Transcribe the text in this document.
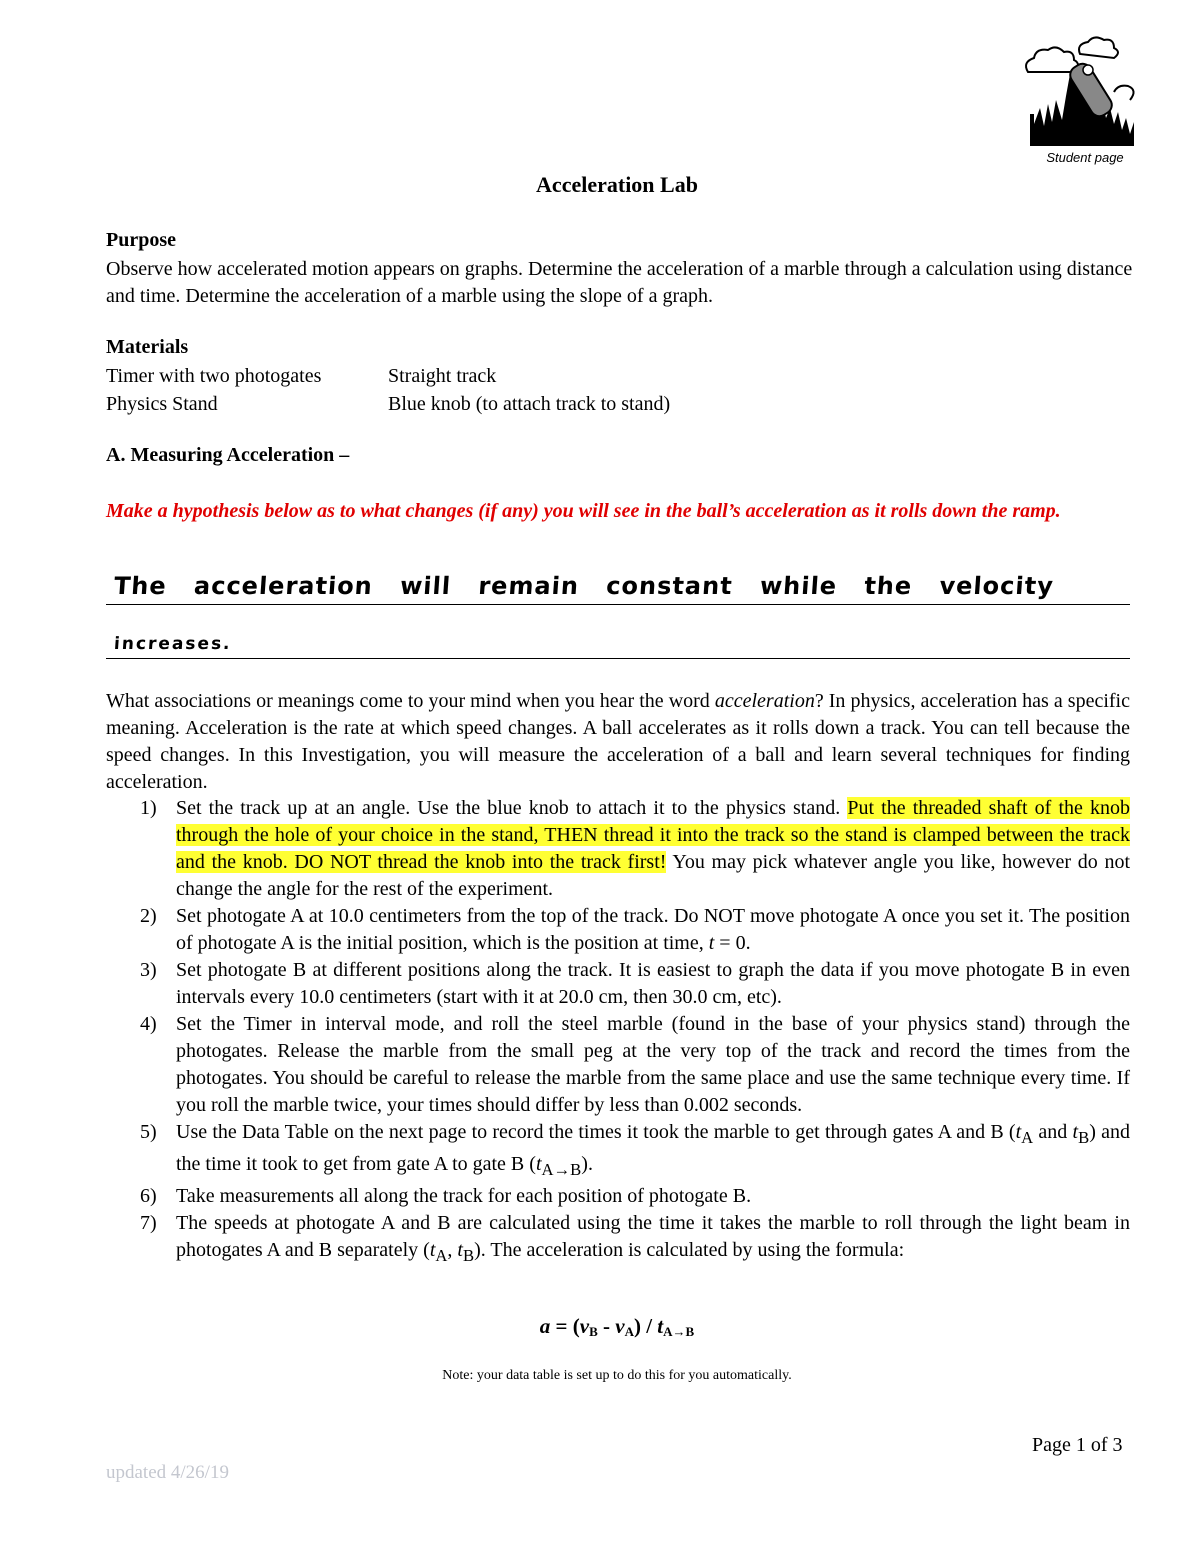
Student page
Acceleration Lab
Purpose
Observe how accelerated motion appears on graphs. Determine the acceleration of a marble through a calculation using distance and time. Determine the acceleration of a marble using the slope of a graph.
Materials
Timer with two photogates	Straight track
Physics Stand	Blue knob (to attach track to stand)
A. Measuring Acceleration –
Make a hypothesis below as to what changes (if any) you will see in the ball’s acceleration as it rolls down the ramp.
The acceleration will remain constant while the velocity
increases.
What associations or meanings come to your mind when you hear the word acceleration? In physics, acceleration has a specific meaning. Acceleration is the rate at which speed changes. A ball accelerates as it rolls down a track. You can tell because the speed changes. In this Investigation, you will measure the acceleration of a ball and learn several techniques for finding acceleration.
1) Set the track up at an angle. Use the blue knob to attach it to the physics stand. Put the threaded shaft of the knob through the hole of your choice in the stand, THEN thread it into the track so the stand is clamped between the track and the knob. DO NOT thread the knob into the track first! You may pick whatever angle you like, however do not change the angle for the rest of the experiment.
2) Set photogate A at 10.0 centimeters from the top of the track. Do NOT move photogate A once you set it. The position of photogate A is the initial position, which is the position at time, t = 0.
3) Set photogate B at different positions along the track. It is easiest to graph the data if you move photogate B in even intervals every 10.0 centimeters (start with it at 20.0 cm, then 30.0 cm, etc).
4) Set the Timer in interval mode, and roll the steel marble (found in the base of your physics stand) through the photogates. Release the marble from the small peg at the very top of the track and record the times from the photogates. You should be careful to release the marble from the same place and use the same technique every time. If you roll the marble twice, your times should differ by less than 0.002 seconds.
5) Use the Data Table on the next page to record the times it took the marble to get through gates A and B ($t_A$ and $t_B$) and the time it took to get from gate A to gate B $(t_{A\to B})$.
6) Take measurements all along the track for each position of photogate B.
7) The speeds at photogate A and B are calculated using the time it takes the marble to roll through the light beam in photogates A and B separately ($t_A$, $t_B$). The acceleration is calculated by using the formula:
$a = (v_B - v_A) / t_{A\to B}$
Note: your data table is set up to do this for you automatically.
Page 1 of 3
updated 4/26/19
